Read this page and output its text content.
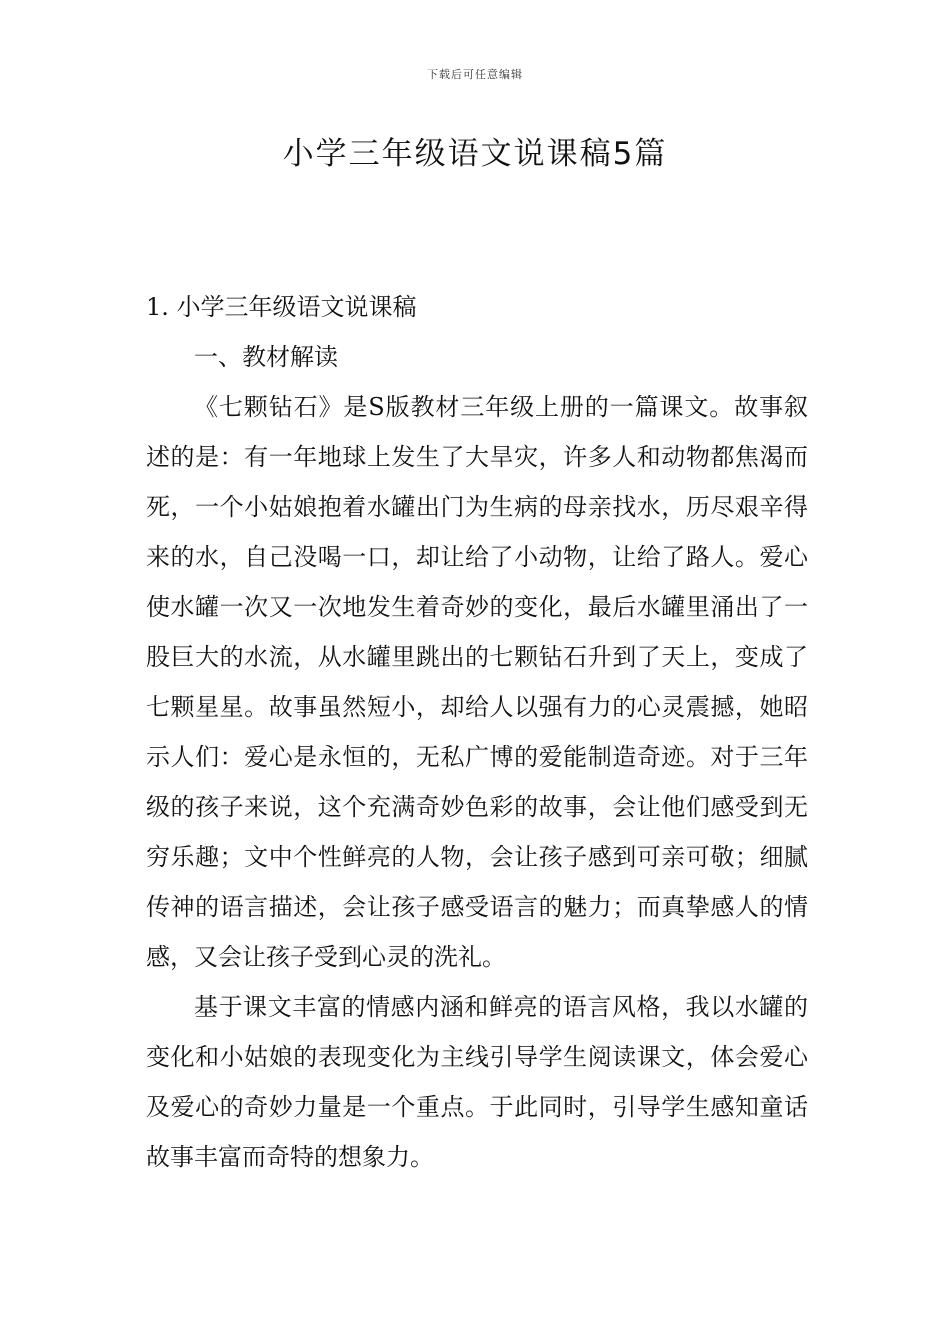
下载后可任意编辑
小学三年级语文说课稿5篇

1. 小学三年级语文说课稿

一、教材解读

《七颗钻石》是S版教材三年级上册的一篇课文。故事叙述的是：有一年地球上发生了大旱灾，许多人和动物都焦渴而死，一个小姑娘抱着水罐出门为生病的母亲找水，历尽艰辛得来的水，自己没喝一口，却让给了小动物，让给了路人。爱心使水罐一次又一次地发生着奇妙的变化，最后水罐里涌出了一股巨大的水流，从水罐里跳出的七颗钻石升到了天上，变成了七颗星星。故事虽然短小，却给人以强有力的心灵震撼，她昭示人们：爱心是永恒的，无私广博的爱能制造奇迹。对于三年级的孩子来说，这个充满奇妙色彩的故事，会让他们感受到无穷乐趣；文中个性鲜亮的人物，会让孩子感到可亲可敬；细腻传神的语言描述，会让孩子感受语言的魅力；而真挚感人的情感，又会让孩子受到心灵的洗礼。

基于课文丰富的情感内涵和鲜亮的语言风格，我以水罐的变化和小姑娘的表现变化为主线引导学生阅读课文，体会爱心及爱心的奇妙力量是一个重点。于此同时，引导学生感知童话故事丰富而奇特的想象力。
